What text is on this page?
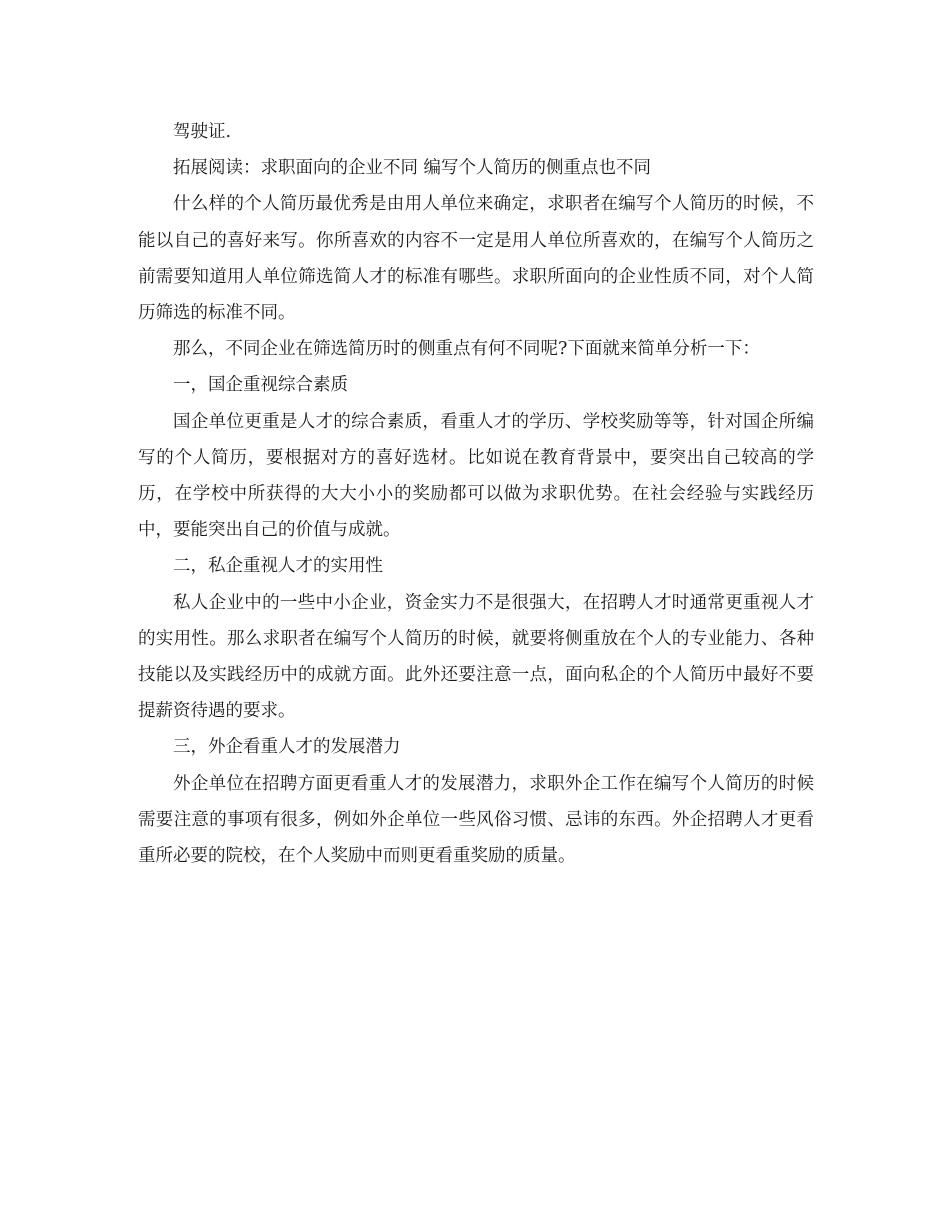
驾驶证.

拓展阅读：求职面向的企业不同 编写个人简历的侧重点也不同

什么样的个人简历最优秀是由用人单位来确定，求职者在编写个人简历的时候，不能以自己的喜好来写。你所喜欢的内容不一定是用人单位所喜欢的，在编写个人简历之前需要知道用人单位筛选简人才的标准有哪些。求职所面向的企业性质不同，对个人简历筛选的标准不同。

那么，不同企业在筛选简历时的侧重点有何不同呢?下面就来简单分析一下：

一，国企重视综合素质

国企单位更重是人才的综合素质，看重人才的学历、学校奖励等等，针对国企所编写的个人简历，要根据对方的喜好选材。比如说在教育背景中，要突出自己较高的学历，在学校中所获得的大大小小的奖励都可以做为求职优势。在社会经验与实践经历中，要能突出自己的价值与成就。

二，私企重视人才的实用性

私人企业中的一些中小企业，资金实力不是很强大，在招聘人才时通常更重视人才的实用性。那么求职者在编写个人简历的时候，就要将侧重放在个人的专业能力、各种技能以及实践经历中的成就方面。此外还要注意一点，面向私企的个人简历中最好不要提薪资待遇的要求。

三，外企看重人才的发展潜力

外企单位在招聘方面更看重人才的发展潜力，求职外企工作在编写个人简历的时候需要注意的事项有很多，例如外企单位一些风俗习惯、忌讳的东西。外企招聘人才更看重所必要的院校，在个人奖励中而则更看重奖励的质量。
